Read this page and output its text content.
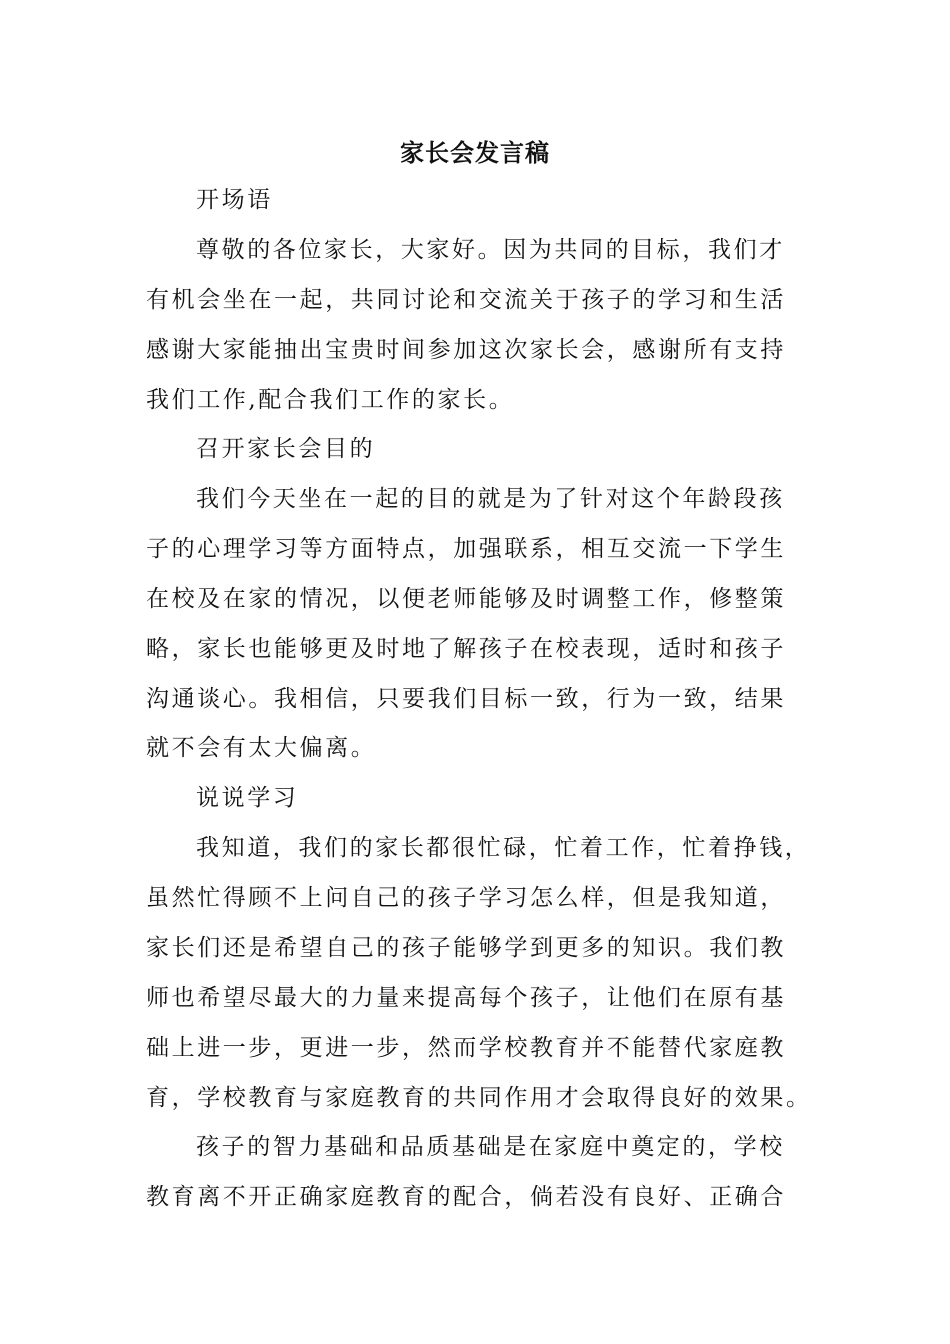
家长会发言稿
开场语
尊敬的各位家长，大家好。因为共同的目标，我们才
有机会坐在一起，共同讨论和交流关于孩子的学习和生活
感谢大家能抽出宝贵时间参加这次家长会，感谢所有支持
我们工作,配合我们工作的家长。
召开家长会目的
我们今天坐在一起的目的就是为了针对这个年龄段孩
子的心理学习等方面特点，加强联系，相互交流一下学生
在校及在家的情况，以便老师能够及时调整工作，修整策
略，家长也能够更及时地了解孩子在校表现，适时和孩子
沟通谈心。我相信，只要我们目标一致，行为一致，结果
就不会有太大偏离。
说说学习
我知道，我们的家长都很忙碌，忙着工作，忙着挣钱，
虽然忙得顾不上问自己的孩子学习怎么样，但是我知道，
家长们还是希望自己的孩子能够学到更多的知识。我们教
师也希望尽最大的力量来提高每个孩子，让他们在原有基
础上进一步，更进一步，然而学校教育并不能替代家庭教
育，学校教育与家庭教育的共同作用才会取得良好的效果。
孩子的智力基础和品质基础是在家庭中奠定的，学校
教育离不开正确家庭教育的配合，倘若没有良好、正确合
